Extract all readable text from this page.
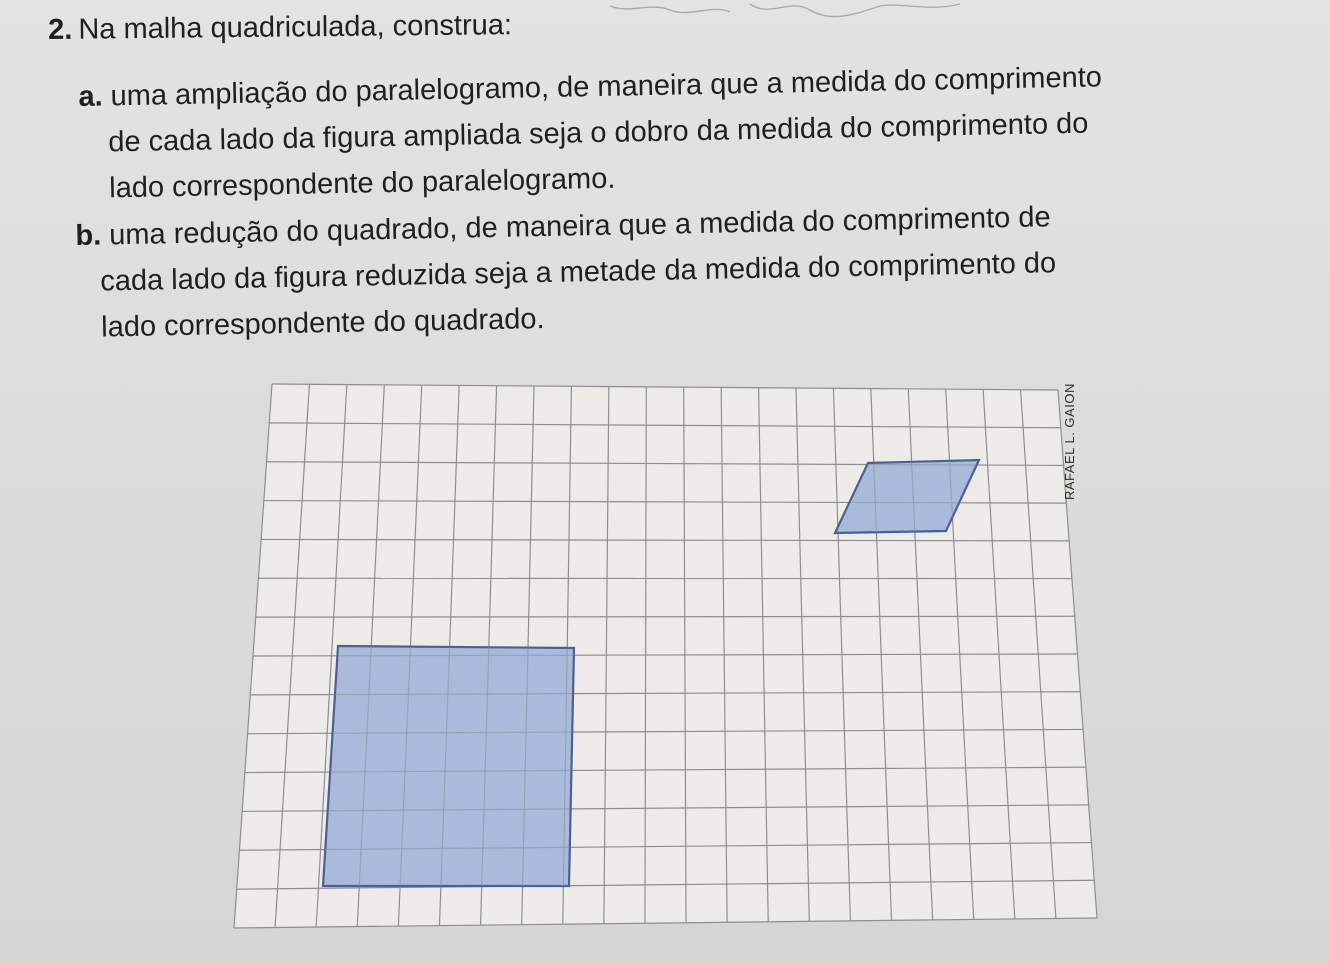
2. Na malha quadriculada, construa:
a. uma ampliação do paralelogramo, de maneira que a medida do comprimento
de cada lado da figura ampliada seja o dobro da medida do comprimento do
lado correspondente do paralelogramo.
b. uma redução do quadrado, de maneira que a medida do comprimento de
cada lado da figura reduzida seja a metade da medida do comprimento do
lado correspondente do quadrado.
RAFAEL L. GAION
